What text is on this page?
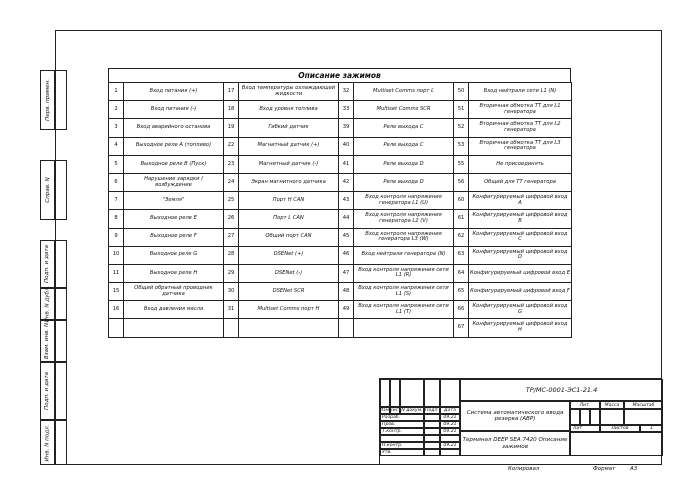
Перв. примен.
Справ. N
Подп. и дата
Инв. N дубл.
Взам. инв. N
Подп. и дата
Инв. N подл.
Описание зажимов
1	Вход питания (+)	17	Вход температуры охлаждающей жидкости	32	Multiset Comms порт L	50	Вход нейтрали сети L1 (N)
2	Вход питания (-)	18	Вход уровня топлива	33	Multiset Comms SCR	51	Вторичная обмотка ТТ для L1 генератора
3	Вход аварийного останова	19	Гибкий датчик	39	Реле выхода C	52	Вторичная обмотка ТТ для L2 генератора
4	Выходное реле A (топливо)	22	Магнитный датчик (+)	40	Реле выхода C	53	Вторичная обмотка ТТ для L3 генератора
5	Выходное реле B (Пуск)	23	Магнитный датчик (-)	41	Реле выхода D	55	Не присоединять
6	Нарушение зарядки / возбуждение	24	Экран магнитного датчика	42	Реле выхода D	56	Общий для ТТ генератора
7	"Земля"	25	Порт H CAN	43	Вход контроля напряжения генератора L1 (U)	60	Конфигурируемый цифровой вход A
8	Выходное реле E	26	Порт L CAN	44	Вход контроля напряжения генератора L2 (V)	61	Конфигурируемый цифровой вход B
9	Выходное реле F	27	Общий порт CAN	45	Вход контроля напряжения генератора L3 (W)	62	Конфигурируемый цифровой вход C
10	Выходное реле G	28	DSENet (+)	46	Вход нейтрали генератора (N)	63	Конфигурируемый цифровой вход D
11	Выходное реле H	29	DSENet (-)	47	Вход контроля напряжения сети L1 (R)	64	Конфигурируемый цифровой вход E
15	Общий обратный проводник датчика	30	DSENet SCR	48	Вход контроля напряжения сети L1 (S)	65	Конфигурируемый цифровой вход F
16	Вход давления масла	31	Multiset Comms порт H	49	Вход контроля напряжения сети L1 (T)	66	Конфигурируемый цифровой вход G
						67	Конфигурируемый цифровой вход H
Изм.
Лист N докум. Подп.	Дата
Разраб.	09.21
Пров.	09.21
Т.контр.	09.21
Н.контр.	09.21
Утв.
ТР/МС-0001-ЭС1-21.4
Система автоматического ввода резерва (АВР)
Лит.	Масса	Масштаб
Лит	Листов	1
Терминал DEEP SEA 7420 Описание зажимов
Копировал	Формат	А3
